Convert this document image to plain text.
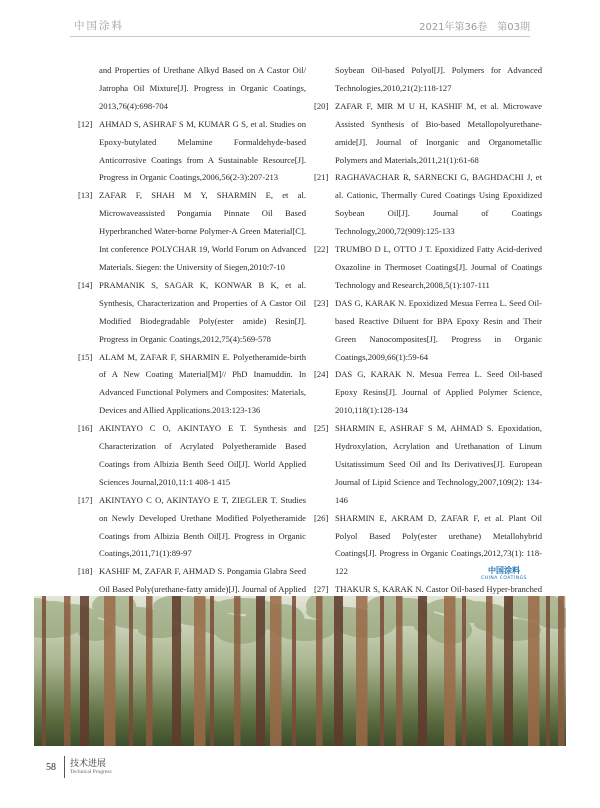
中国涂料	2021年第36卷　第03期
and Properties of Urethane Alkyd Based on A Castor Oil/ Jatropha Oil Mixture[J]. Progress in Organic Coatings, 2013,76(4):698-704
[12] AHMAD S, ASHRAF S M, KUMAR G S, et al. Studies on Epoxy-butylated Melamine Formaldehyde-based Anticorrosive Coatings from A Sustainable Resource[J]. Progress in Organic Coatings,2006,56(2-3):207-213
[13] ZAFAR F, SHAH M Y, SHARMIN E, et al. Microwaveassisted Pongamia Pinnate Oil Based Hyperbranched Water-borne Polymer-A Green Material[C]. Int conference POLYCHAR 19, World Forum on Advanced Materials. Siegen: the University of Siegen,2010:7-10
[14] PRAMANIK S, SAGAR K, KONWAR B K, et al. Synthesis, Characterization and Properties of A Castor Oil Modified Biodegradable Poly(ester amide) Resin[J]. Progress in Organic Coatings,2012,75(4):569-578
[15] ALAM M, ZAFAR F, SHARMIN E. Polyetheramide-birth of A New Coating Material[M]// PhD Inamuddin. In Advanced Functional Polymers and Composites: Materials, Devices and Allied Applications.2013:123-136
[16] AKINTAYO C O, AKINTAYO E T. Synthesis and Characterization of Acrylated Polyetheramide Based Coatings from Albizia Benth Seed Oil[J]. World Applied Sciences Journal,2010,11:1 408-1 415
[17] AKINTAYO C O, AKINTAYO E T, ZIEGLER T. Studies on Newly Developed Urethane Modified Polyetheramide Coatings from Albizia Benth Oil[J]. Progress in Organic Coatings,2011,71(1):89-97
[18] KASHIF M, ZAFAR F, AHMAD S. Pongamia Glabra Seed Oil Based Poly(urethane-fatty amide)[J]. Journal of Applied
Soybean Oil-based Polyol[J]. Polymers for Advanced Technologies,2010,21(2):118-127
[20] ZAFAR F, MIR M U H, KASHIF M, et al. Microwave Assisted Synthesis of Bio-based Metallopolyurethane-amide[J]. Journal of Inorganic and Organometallic Polymers and Materials,2011,21(1):61-68
[21] RAGHAVACHAR R, SARNECKI G, BAGHDACHI J, et al. Cationic, Thermally Cured Coatings Using Epoxidized Soybean Oil[J]. Journal of Coatings Technology,2000,72(909):125-133
[22] TRUMBO D L, OTTO J T. Epoxidized Fatty Acid-derived Oxazoline in Thermoset Coatings[J]. Journal of Coatings Technology and Research,2008,5(1):107-111
[23] DAS G, KARAK N. Epoxidized Mesua Ferrea L. Seed Oil-based Reactive Diluent for BPA Epoxy Resin and Their Green Nanocomposites[J]. Progress in Organic Coatings,2009,66(1):59-64
[24] DAS G, KARAK N. Mesua Ferrea L. Seed Oil-based Epoxy Resins[J]. Journal of Applied Polymer Science, 2010,118(1):128-134
[25] SHARMIN E, ASHRAF S M, AHMAD S. Epoxidation, Hydroxylation, Acrylation and Urethanation of Linum Usitatissimum Seed Oil and Its Derivatives[J]. European Journal of Lipid Science and Technology,2007,109(2): 134-146
[26] SHARMIN E, AKRAM D, ZAFAR F, et al. Plant Oil Polyol Based Poly(ester urethane) Metallohybrid Coatings[J]. Progress in Organic Coatings,2012,73(1): 118-122
[27] THAKUR S, KARAK N. Castor Oil-based Hyper-branched
中国涂料
CHINA COATINGS
58 技术进展
Technical Progress
